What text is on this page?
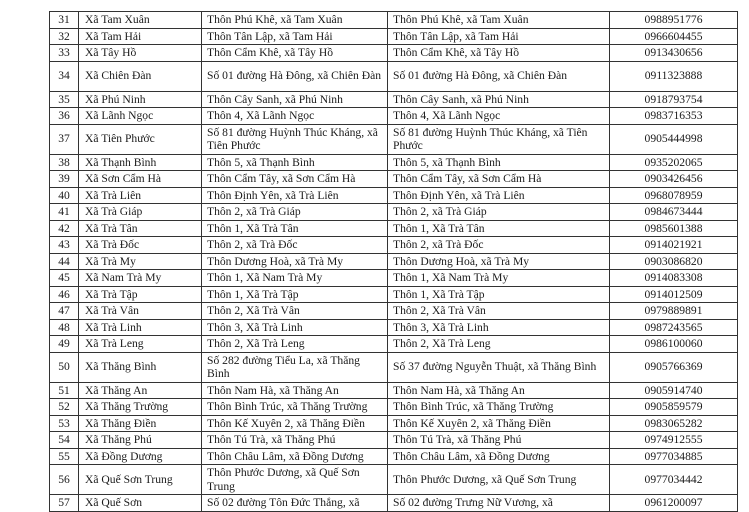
31	Xã Tam Xuân	Thôn Phú Khê, xã Tam Xuân	Thôn Phú Khê, xã Tam Xuân	0988951776
32	Xã Tam Hải	Thôn Tân Lập, xã Tam Hải	Thôn Tân Lập, xã Tam Hải	0966604455
33	Xã Tây Hồ	Thôn Cẩm Khê, xã Tây Hồ	Thôn Cẩm Khê, xã Tây Hồ	0913430656
34	Xã Chiên Đàn	Số 01 đường Hà Đông, xã Chiên Đàn	Số 01 đường Hà Đông, xã Chiên Đàn	0911323888
35	Xã Phú Ninh	Thôn Cây Sanh, xã Phú Ninh	Thôn Cây Sanh, xã Phú Ninh	0918793754
36	Xã Lãnh Ngọc	Thôn 4, Xã Lãnh Ngọc	Thôn 4, Xã Lãnh Ngọc	0983716353
37	Xã Tiên Phước	Số 81 đường Huỳnh Thúc Kháng, xã Tiên Phước	Số 81 đường Huỳnh Thúc Kháng, xã Tiên Phước	0905444998
38	Xã Thạnh Bình	Thôn 5, xã Thạnh Bình	Thôn 5, xã Thạnh Bình	0935202065
39	Xã Sơn Cẩm Hà	Thôn Cẩm Tây, xã Sơn Cẩm Hà	Thôn Cẩm Tây, xã Sơn Cẩm Hà	0903426456
40	Xã Trà Liên	Thôn Định Yên, xã Trà Liên	Thôn Định Yên, xã Trà Liên	0968078959
41	Xã Trà Giáp	Thôn 2, xã Trà Giáp	Thôn 2, xã Trà Giáp	0984673444
42	Xã Trà Tân	Thôn 1, Xã Trà Tân	Thôn 1, Xã Trà Tân	0985601388
43	Xã Trà Đốc	Thôn 2, xã Trà Đốc	Thôn 2, xã Trà Đốc	0914021921
44	Xã Trà My	Thôn Dương Hoà, xã Trà My	Thôn Dương Hoà, xã Trà My	0903086820
45	Xã Nam Trà My	Thôn 1, Xã Nam Trà My	Thôn 1, Xã Nam Trà My	0914083308
46	Xã Trà Tập	Thôn 1, Xã Trà Tập	Thôn 1, Xã Trà Tập	0914012509
47	Xã Trà Vân	Thôn 2, Xã Trà Vân	Thôn 2, Xã Trà Vân	0979889891
48	Xã Trà Linh	Thôn 3, Xã Trà Linh	Thôn 3, Xã Trà Linh	0987243565
49	Xã Trà Leng	Thôn 2, Xã Trà Leng	Thôn 2, Xã Trà Leng	0986100060
50	Xã Thăng Bình	Số 282 đường Tiểu La, xã Thăng Bình	Số 37 đường Nguyễn Thuật, xã Thăng Bình	0905766369
51	Xã Thăng An	Thôn Nam Hà, xã Thăng An	Thôn Nam Hà, xã Thăng An	0905914740
52	Xã Thăng Trường	Thôn Bình Trúc, xã Thăng Trường	Thôn Bình Trúc, xã Thăng Trường	0905859579
53	Xã Thăng Điền	Thôn Kế Xuyên 2, xã Thăng Điền	Thôn Kế Xuyên 2, xã Thăng Điền	0983065282
54	Xã Thăng Phú	Thôn Tú Trà, xã Thăng Phú	Thôn Tú Trà, xã Thăng Phú	0974912555
55	Xã Đồng Dương	Thôn Châu Lâm, xã Đồng Dương	Thôn Châu Lâm, xã Đồng Dương	0977034885
56	Xã Quế Sơn Trung	Thôn Phước Dương, xã Quế Sơn Trung	Thôn Phước Dương, xã Quế Sơn Trung	0977034442
57	Xã Quế Sơn	Số 02 đường Tôn Đức Thắng, xã	Số 02 đường Trưng Nữ Vương, xã	0961200097
